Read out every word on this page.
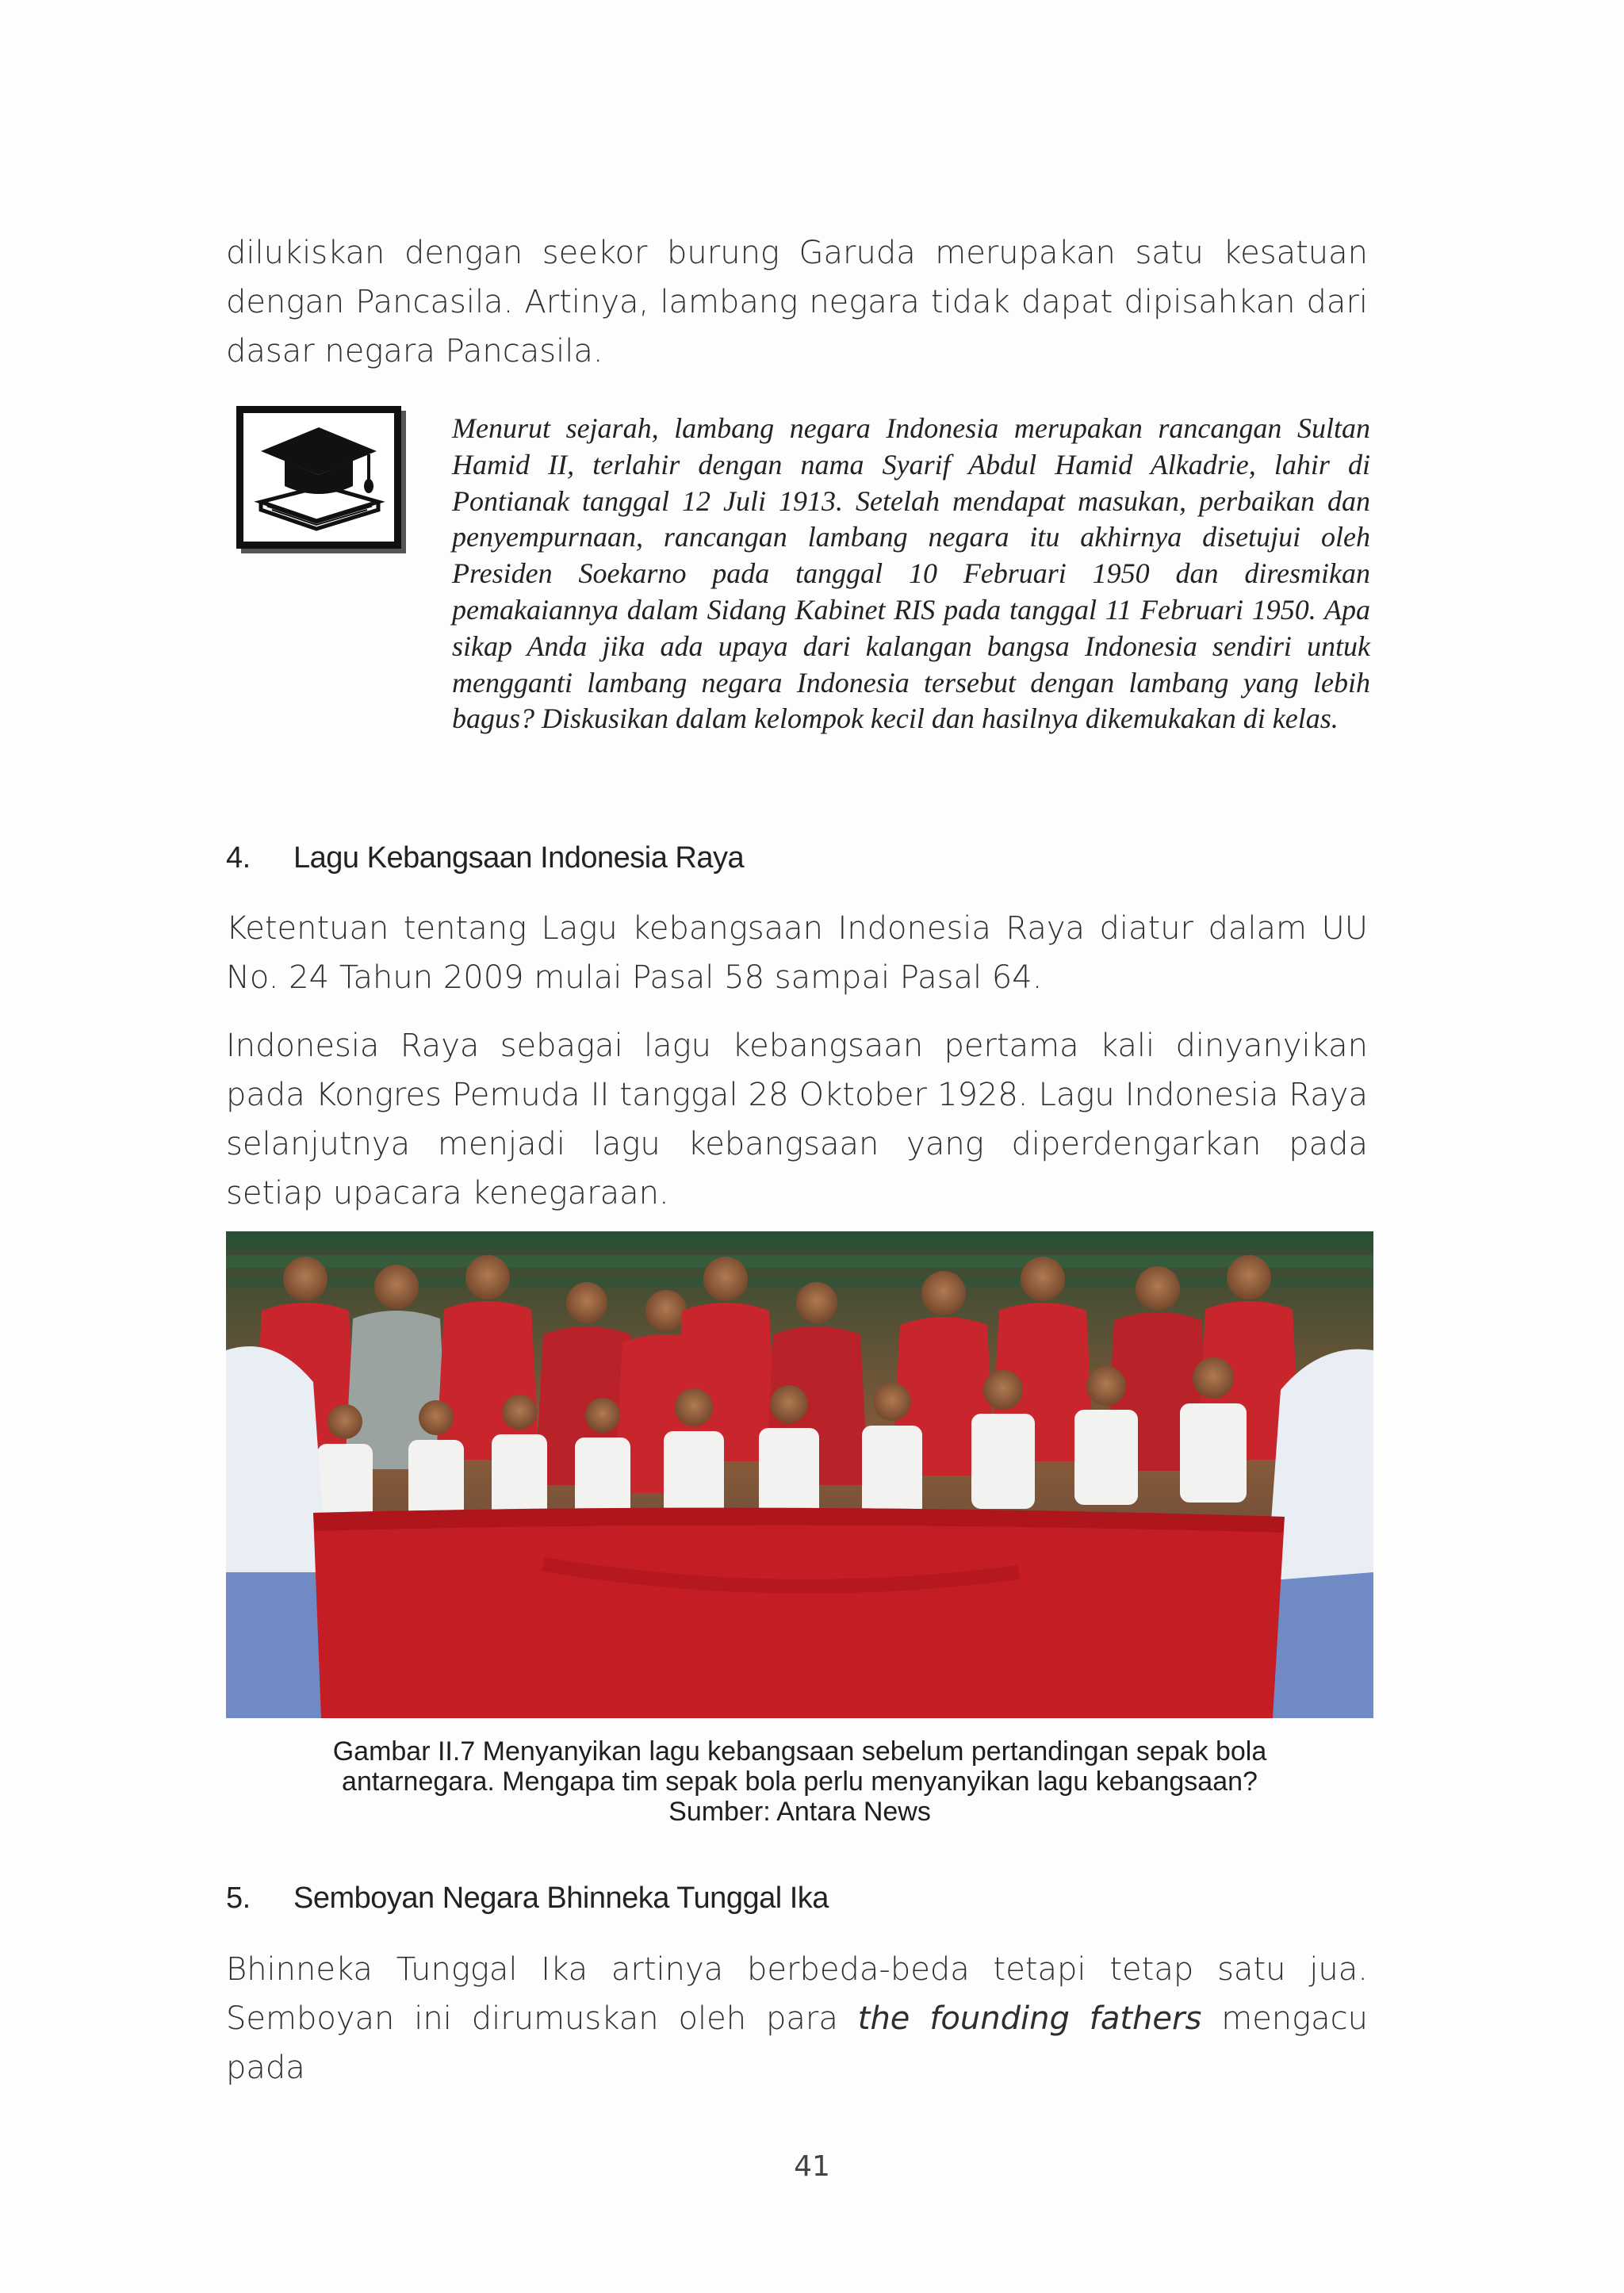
dilukiskan dengan seekor burung Garuda merupakan satu kesatuan dengan Pancasila. Artinya, lambang negara tidak dapat dipisahkan dari dasar negara Pancasila.

Menurut sejarah, lambang negara Indonesia merupakan rancangan Sultan Hamid II, terlahir dengan nama Syarif Abdul Hamid Alkadrie, lahir di Pontianak tanggal 12 Juli 1913. Setelah mendapat masukan, perbaikan dan penyempurnaan, rancangan lambang negara itu akhirnya disetujui oleh Presiden Soekarno pada tanggal 10 Februari 1950 dan diresmikan pemakaiannya dalam Sidang Kabinet RIS pada tanggal 11 Februari 1950. Apa sikap Anda jika ada upaya dari kalangan bangsa Indonesia sendiri untuk mengganti lambang negara Indonesia tersebut dengan lambang yang lebih bagus? Diskusikan dalam kelompok kecil dan hasilnya dikemukakan di kelas.

4. Lagu Kebangsaan Indonesia Raya

Ketentuan tentang Lagu kebangsaan Indonesia Raya diatur dalam UU No. 24 Tahun 2009 mulai Pasal 58 sampai Pasal 64.

Indonesia Raya sebagai lagu kebangsaan pertama kali dinyanyikan pada Kongres Pemuda II tanggal 28 Oktober 1928. Lagu Indonesia Raya selanjutnya menjadi lagu kebangsaan yang diperdengarkan pada setiap upacara kenegaraan.

Gambar II.7 Menyanyikan lagu kebangsaan sebelum pertandingan sepak bola
antarnegara. Mengapa tim sepak bola perlu menyanyikan lagu kebangsaan?
Sumber: Antara News

5. Semboyan Negara Bhinneka Tunggal Ika

Bhinneka Tunggal Ika artinya berbeda-beda tetapi tetap satu jua. Semboyan ini dirumuskan oleh para the founding fathers mengacu pada

41
